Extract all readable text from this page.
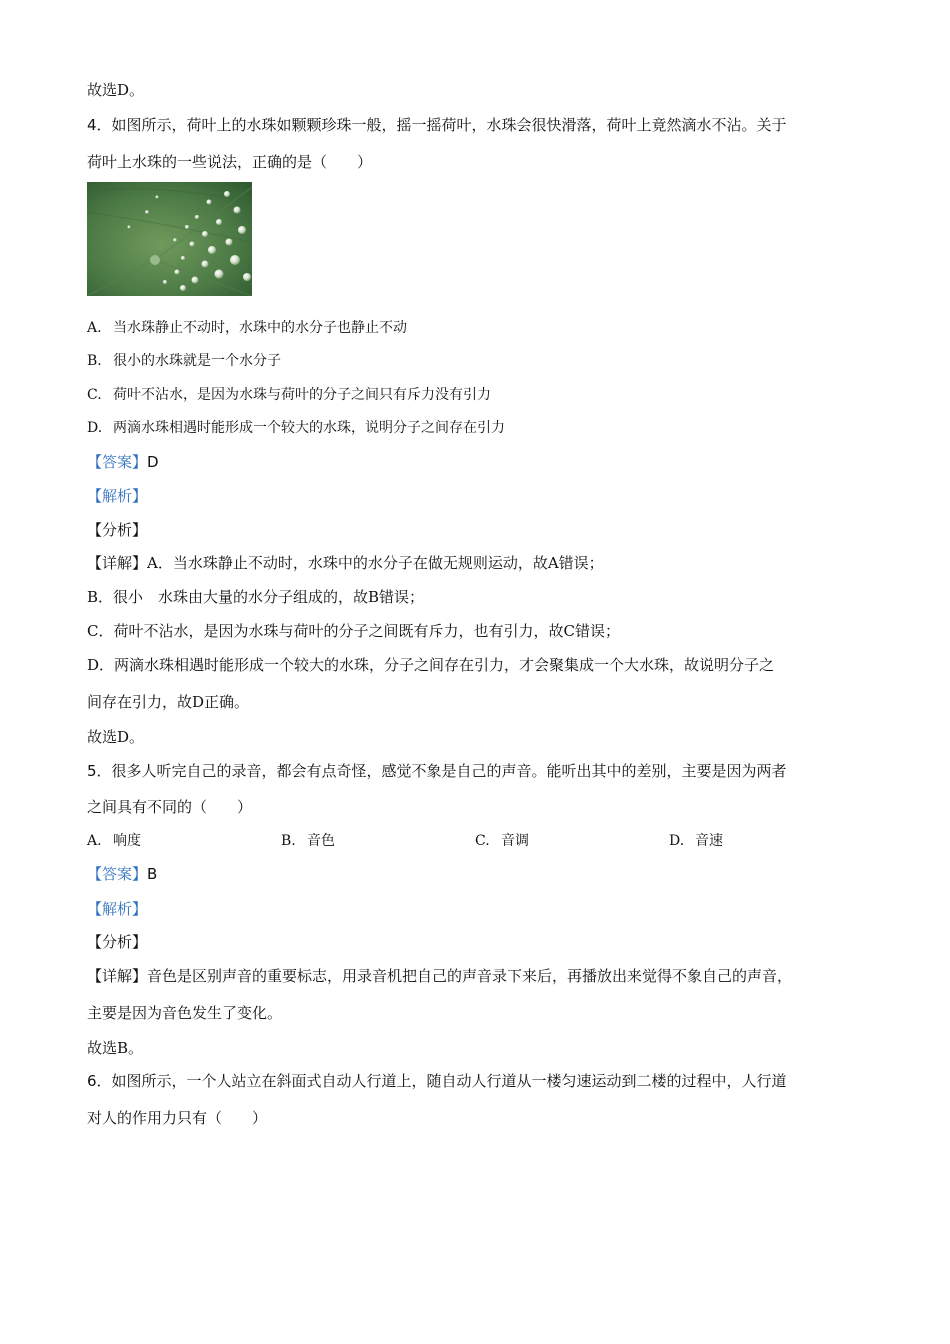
故选D。
4．如图所示，荷叶上的水珠如颗颗珍珠一般，摇一摇荷叶，水珠会很快滑落，荷叶上竟然滴水不沾。关于
荷叶上水珠的一些说法，正确的是（　　）
A. 当水珠静止不动时，水珠中的水分子也静止不动
B. 很小的水珠就是一个水分子
C. 荷叶不沾水，是因为水珠与荷叶的分子之间只有斥力没有引力
D. 两滴水珠相遇时能形成一个较大的水珠，说明分子之间存在引力
【答案】D
【解析】
【分析】
【详解】A．当水珠静止不动时，水珠中的水分子在做无规则运动，故A错误；
B．很小　水珠由大量的水分子组成的，故B错误；
C．荷叶不沾水，是因为水珠与荷叶的分子之间既有斥力，也有引力，故C错误；
D．两滴水珠相遇时能形成一个较大的水珠，分子之间存在引力，才会聚集成一个大水珠，故说明分子之
间存在引力，故D正确。
故选D。
5．很多人听完自己的录音，都会有点奇怪，感觉不象是自己的声音。能听出其中的差别，主要是因为两者
之间具有不同的（　　）
A. 响度	B. 音色	C. 音调	D. 音速
【答案】B
【解析】
【分析】
【详解】音色是区别声音的重要标志，用录音机把自己的声音录下来后，再播放出来觉得不象自己的声音，
主要是因为音色发生了变化。
故选B。
6．如图所示，一个人站立在斜面式自动人行道上，随自动人行道从一楼匀速运动到二楼的过程中，人行道
对人的作用力只有（　　）
